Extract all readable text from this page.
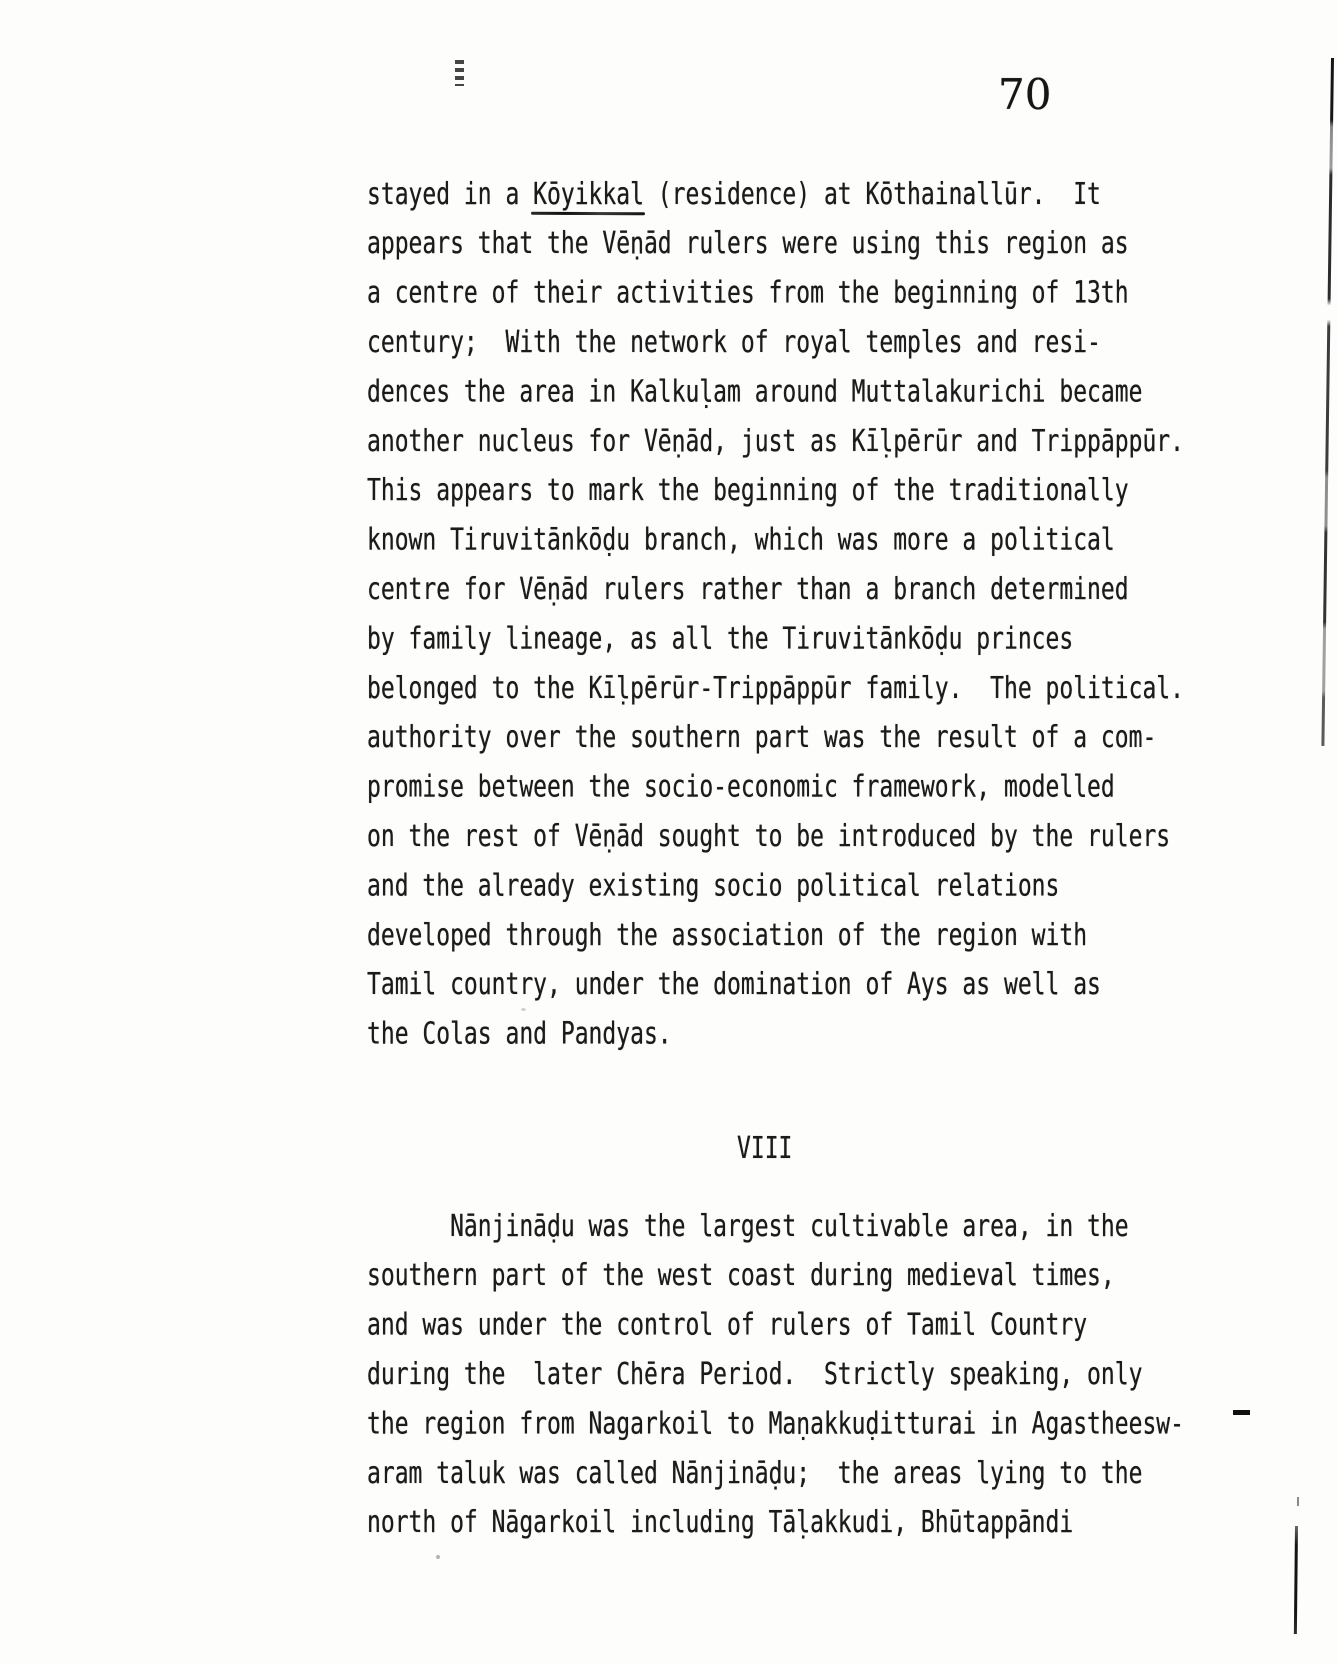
70
stayed in a Kōyikkal (residence) at Kōthainallūr.  It
appears that the Vēṇād rulers were using this region as
a centre of their activities from the beginning of 13th
century;  With the network of royal temples and resi-
dences the area in Kalkuḷam around Muttalakurichi became
another nucleus for Vēṇād, just as Kīḷpērūr and Trippāppūr.
This appears to mark the beginning of the traditionally
known Tiruvitānkōḍu branch, which was more a political
centre for Vēṇād rulers rather than a branch determined
by family lineage, as all the Tiruvitānkōḍu princes
belonged to the Kīḷpērūr-Trippāppūr family.  The political.
authority over the southern part was the result of a com-
promise between the socio-economic framework, modelled
on the rest of Vēṇād sought to be introduced by the rulers
and the already existing socio political relations
developed through the association of the region with
Tamil country, under the domination of Ays as well as
the Colas and Pandyas.
VIII
Nānjināḍu was the largest cultivable area, in the
southern part of the west coast during medieval times,
and was under the control of rulers of Tamil Country
during the  later Chēra Period.  Strictly speaking, only
the region from Nagarkoil to Maṇakkuḍitturai in Agastheesw-
aram taluk was called Nānjināḍu;  the areas lying to the
north of Nāgarkoil including Tāḷakkudi, Bhūtappāndi
